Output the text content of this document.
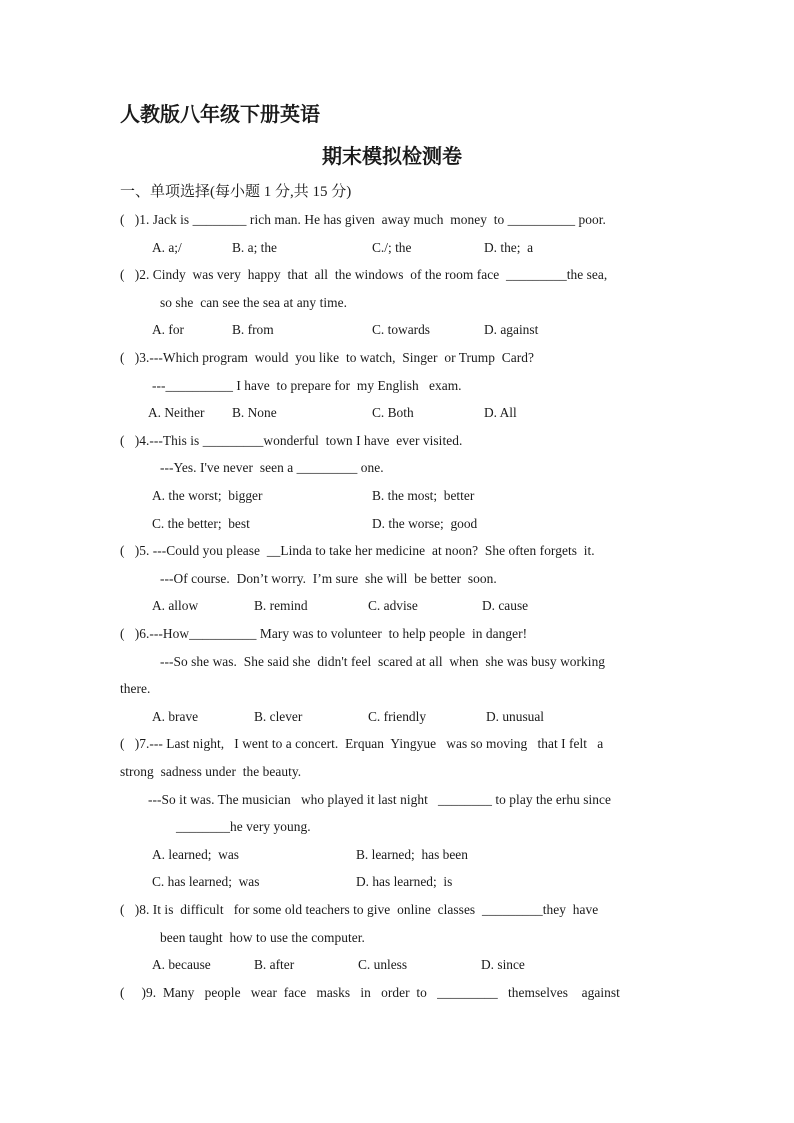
人教版八年级下册英语
期末模拟检测卷
一、单项选择(每小题 1 分,共 15 分)
(   )1. Jack is ________ rich man. He has given  away much  money  to __________ poor.
A. a;/	B. a; the	C./; the	D. the;  a
(   )2. Cindy  was very  happy  that  all  the windows  of the room face  _________the sea,
so she  can see the sea at any time.
A. for	B. from	C. towards	D. against
(   )3.---Which program  would  you like  to watch,  Singer  or Trump  Card?
---__________ I have  to prepare for  my English   exam.
A. Neither B. None	C. Both	D. All
(   )4.---This is _________wonderful  town I have  ever visited.
---Yes. I've never  seen a _________ one.
A. the worst;  bigger	B. the most;  better
C. the better;  best	D. the worse;  good
(   )5. ---Could you please  __Linda to take her medicine  at noon?  She often forgets  it.
---Of course.  Don’t worry.  I’m sure  she will  be better  soon.
A. allow	B. remind	C. advise	D. cause
(   )6.---How__________ Mary was to volunteer  to help people  in danger!
---So she was.  She said she  didn't feel  scared at all  when  she was busy working
there.
A. brave	B. clever	C. friendly	D. unusual
(   )7.--- Last night,   I went to a concert.  Erquan  Yingyue   was so moving   that I felt   a
strong  sadness under  the beauty.
---So it was. The musician   who played it last night   ________ to play the erhu since
________he very young.
A. learned;  was	B. learned;  has been
C. has learned;  was	D. has learned;  is
(   )8. It is  difficult   for some old teachers to give  online  classes  _________they  have
been taught  how to use the computer.
A. because	B. after	C. unless	D. since
(     )9.  Many   people   wear  face   masks   in   order  to   _________   themselves    against
